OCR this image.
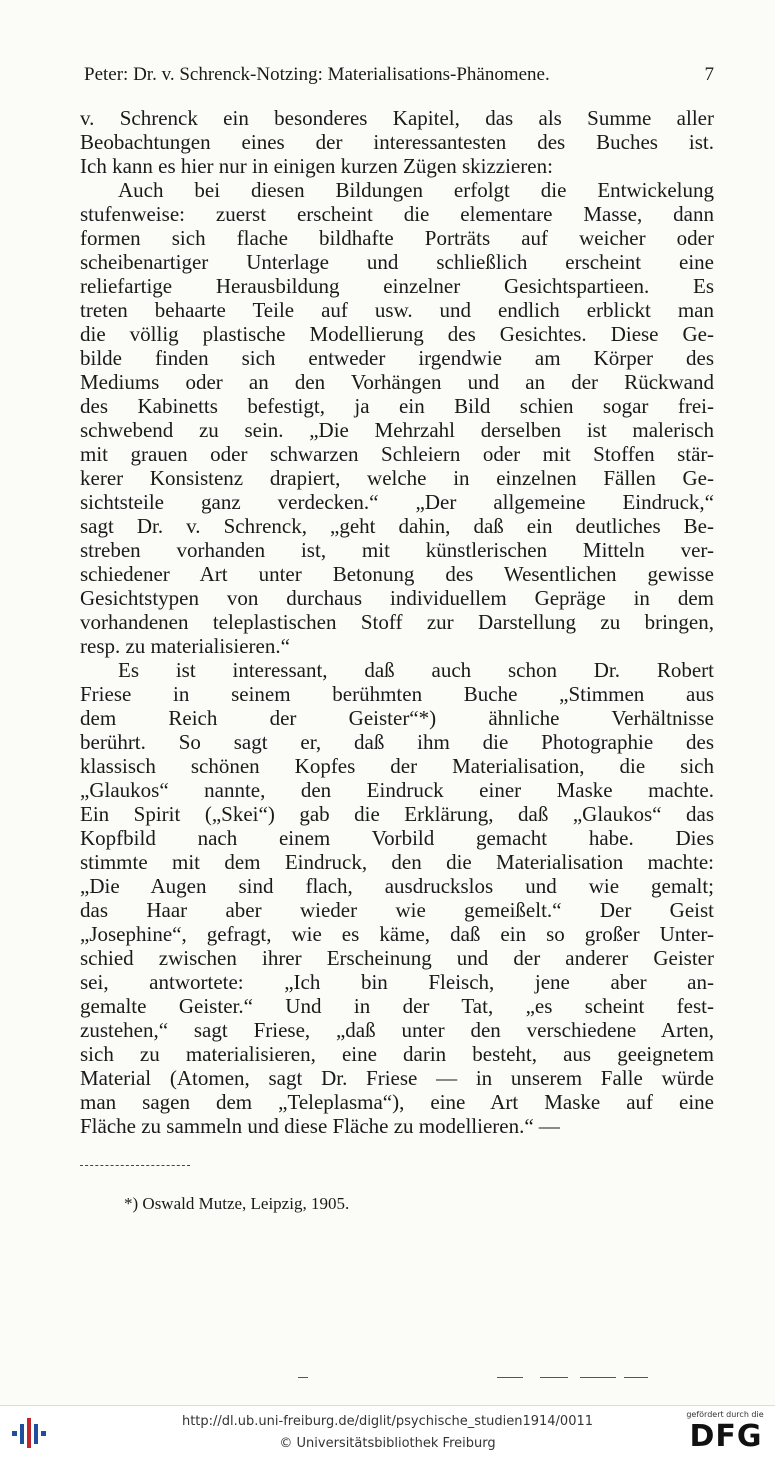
Peter: Dr. v. Schrenck-Notzing: Materialisations-Phänomene.	7
v. Schrenck ein besonderes Kapitel, das als Summe aller
Beobachtungen eines der interessantesten des Buches ist.
Ich kann es hier nur in einigen kurzen Zügen skizzieren:
Auch bei diesen Bildungen erfolgt die Entwickelung
stufenweise: zuerst erscheint die elementare Masse, dann
formen sich flache bildhafte Porträts auf weicher oder
scheibenartiger Unterlage und schließlich erscheint eine
reliefartige Herausbildung einzelner Gesichtspartieen. Es
treten behaarte Teile auf usw. und endlich erblickt man
die völlig plastische Modellierung des Gesichtes. Diese Ge-
bilde finden sich entweder irgendwie am Körper des
Mediums oder an den Vorhängen und an der Rückwand
des Kabinetts befestigt, ja ein Bild schien sogar frei-
schwebend zu sein. „Die Mehrzahl derselben ist malerisch
mit grauen oder schwarzen Schleiern oder mit Stoffen stär-
kerer Konsistenz drapiert, welche in einzelnen Fällen Ge-
sichtsteile ganz verdecken.“ „Der allgemeine Eindruck,“
sagt Dr. v. Schrenck, „geht dahin, daß ein deutliches Be-
streben vorhanden ist, mit künstlerischen Mitteln ver-
schiedener Art unter Betonung des Wesentlichen gewisse
Gesichtstypen von durchaus individuellem Gepräge in dem
vorhandenen teleplastischen Stoff zur Darstellung zu bringen,
resp. zu materialisieren.“
Es ist interessant, daß auch schon Dr. Robert
Friese in seinem berühmten Buche „Stimmen aus
dem Reich der Geister“*) ähnliche Verhältnisse
berührt. So sagt er, daß ihm die Photographie des
klassisch schönen Kopfes der Materialisation, die sich
„Glaukos“ nannte, den Eindruck einer Maske machte.
Ein Spirit („Skei“) gab die Erklärung, daß „Glaukos“ das
Kopfbild nach einem Vorbild gemacht habe. Dies
stimmte mit dem Eindruck, den die Materialisation machte:
„Die Augen sind flach, ausdruckslos und wie gemalt;
das Haar aber wieder wie gemeißelt.“ Der Geist
„Josephine“, gefragt, wie es käme, daß ein so großer Unter-
schied zwischen ihrer Erscheinung und der anderer Geister
sei, antwortete: „Ich bin Fleisch, jene aber an-
gemalte Geister.“ Und in der Tat, „es scheint fest-
zustehen,“ sagt Friese, „daß unter den verschiedene Arten,
sich zu materialisieren, eine darin besteht, aus geeignetem
Material (Atomen, sagt Dr. Friese — in unserem Falle würde
man sagen dem „Teleplasma“), eine Art Maske auf eine
Fläche zu sammeln und diese Fläche zu modellieren.“ —
*) Oswald Mutze, Leipzig, 1905.
http://dl.ub.uni-freiburg.de/diglit/psychische_studien1914/0011
© Universitätsbibliothek Freiburg
gefördert durch die
DFG
